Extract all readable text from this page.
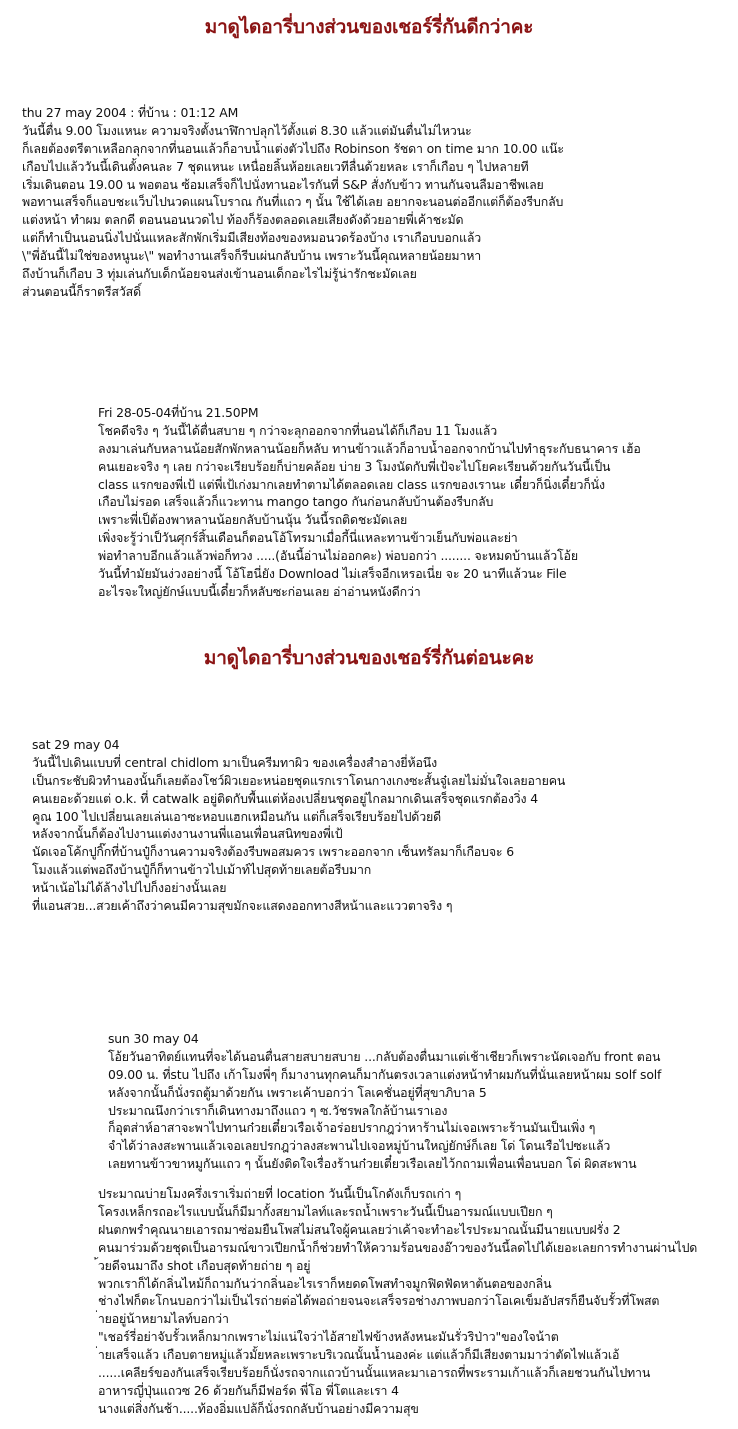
มาดูไดอารี่บางส่วนของเชอร์รี่กันดีกว่าคะ
thu 27 may 2004 : ที่บ้าน : 01:12 AM
วันนี้ตื่น 9.00 โมงแหนะ ความจริงตั้งนาฬิกาปลุกไว้ตั้งแต่ 8.30 แล้วแต่มันตื่นไม่ไหวนะ
ก็เลยต้องตรีตาเหลือกลุกจากที่นอนแล้วก็อาบน้ำแต่งตัวไปถึง Robinson รัชดา on time มาก 10.00 แน๊ะ
เกือบไปแล้ววันนี้เดินตั้งคนละ 7 ชุดแหนะ เหนื่อยลิ้นห้อยเลยเวทีลื่นด้วยหละ เราก็เกือบ ๆ ไปหลายที
เริ่มเดินตอน 19.00 น พอตอน ซ้อมเสร็จก็ไปนั่งทานอะไรกันที่ S&P สั่งกับข้าว ทานกันจนลืมอาชีพเลย
พอทานเสร็จก็แอบชะแว็บไปนวดแผนโบราณ กันที่แถว ๆ นั้น ใช้ได้เลย อยากจะนอนต่ออีกแต่ก็ต้องรีบกลับ
แต่งหน้า ทำผม ตลกดี ตอนนอนนวดไป ท้องก็ร้องตลอดเลยเสียงดังด้วยอายพี่เค้าชะมัด
แต่ก็ทำเป็นนอนนิ่งไปนั่นแหละสักพักเริ่มมีเสียงท้องของหมอนวดร้องบ้าง เราเกือบบอกแล้ว
\"พี่อันนี้ไม่ใช่ของหนูนะ\" พอทำงานเสร็จก็รีบเผ่นกลับบ้าน เพราะวันนี้คุณหลายน้อยมาหา
ถึงบ้านก็เกือบ 3 ทุ่มเล่นกับเด็กน้อยจนส่งเข้านอนเด็กอะไรไม่รู้น่ารักชะมัดเลย
ส่วนตอนนี้ก็ราตรีสวัสดิ์
Fri 28-05-04ที่บ้าน 21.50PM
โชคดีจริง ๆ วันนี้ได้ตื่นสบาย ๆ กว่าจะลุกออกจากที่นอนได้ก็เกือบ 11 โมงแล้ว
ลงมาเล่นกับหลานน้อยสักพักหลานน้อยก็หลับ ทานข้าวแล้วก็อาบน้ำออกจากบ้านไปทำธุระกับธนาคาร เฮ้อ
คนเยอะจริง ๆ เลย กว่าจะเรียบร้อยก็บ่ายคล้อย บ่าย 3 โมงนัดกับพี่เป้จะไปโยคะเรียนด้วยกันวันนี้เป็น
class แรกของพี่เป้ แต่พี่เป้เก่งมากเลยทำตามได้ตลอดเลย class แรกของเรานะ เดี๋ยวก็นิ่งเดี๋ยวก็นั่ง
เกือบไม่รอด เสร็จแล้วก็แวะทาน mango tango กันก่อนกลับบ้านต้องรีบกลับ
เพราะพี่เป็ต้องพาหลานน้อยกลับบ้านนุ้น วันนี้รถติดชะมัดเลย
เพิ่งจะรู้ว่าเป็วันศุกร์สิ้นเดือนก็ตอนโอ้โทรมาเมื่อกี้นี่แหละทานข้าวเย็นกับพ่อและย่า
พ่อทำลาบอีกแล้วแล้วพ่อก็ทวง .....(อันนี้อ่านไม่ออกคะ) พ่อบอกว่า ........ จะหมดบ้านแล้วโอ้ย
วันนี้ทำมัยมันง่วงอย่างนี้ โอ้โฮนี่ยัง Download ไม่เสร็จอีกเหรอเนี่ย จะ 20 นาทีแล้วนะ File
อะไรจะใหญ่ยักษ์แบบนี้เดี๋ยวก็หลับซะก่อนเลย อ่าอ่านหนังดีกว่า
มาดูไดอารี่บางส่วนของเชอร์รี่กันต่อนะคะ
sat 29 may 04
วันนี้ไปเดินแบบที่ central chidlom มาเป็นครีมทาผิว ของเครื่องสำอางยี่ห้อนึง
เป็นกระชับผิวทำนองนั้นก็เลยต้องโชว์ผิวเยอะหน่อยชุดแรกเราโดนกางเกงซะสั้นจู๋เลยไม่มั่นใจเลยอายคน
คนเยอะด้วยแต่ o.k. ที่ catwalk อยู่ติดกับพื้นแต่ห้องเปลี่ยนชุดอยู่ไกลมากเดินเสร็จชุดแรกต้องวิ่ง 4
คูณ 100 ไปเปลี่ยนเลยเล่นเอาซะหอบแฮกเหมือนกัน แต่ก็เสร็จเรียบร้อยไปด้วยดี
หลังจากนั้นก็ต้องไปงานแต่งงานงานพี่แอนเพื่อนสนิทของพี่เป้
นัดเจอโค้กปูกิ๊กที่บ้านปู๋ก็งานความจริงต้องรีบพอสมควร เพราะออกจาก เซ็นทรัลมาก็เกือบจะ 6
โมงแล้วแต่พอถึงบ้านปู๋ก็ก็ทานข้าวไปเม้าท์ไปสุดท้ายเลยต้อรีบมาก
หน้าเน้อไม่ได้ล้างไปไปก็งอย่างนั้นเลย
ที่แอนสวย...สวยเค้าถึงว่าคนมีความสุขมักจะแสดงออกทางสีหน้าและแววตาจริง ๆ
sun 30 may 04
โอ้ยวันอาทิตย์แทนที่จะได้นอนตื่นสายสบายสบาย ...กลับต้องตื่นมาแต่เช้าเชียวก็เพราะนัดเจอกับ front ตอน
09.00 น. ที่stu ไปถึง เก้าโมงพี่ๆ ก็มางานทุกคนก็มากันตรงเวลาแต่งหน้าทำผมกันที่นั่นเลยหน้าผม solf solf
หลังจากนั้นก็นั่งรถตู้มาด้วยกัน เพราะเค้าบอกว่า โลเคชั่นอยู่ที่สุขาภิบาล 5
ประมาณนึงกว่าเราก็เดินทางมาถึงแถว ๆ ซ.วัชรพลใกล้บ้านเราเอง
ก็อุตส่าห์อาสาจะพาไปทานก๋วยเตี๋ยวเรือเจ้าอร่อยปรากฎว่าหาร้านไม่เจอเพราะร้านมันเป็นเพิ่ง ๆ
จำได้ว่าลงสะพานแล้วเจอเลยปรกฎว่าลงสะพานไปเจอหมู่บ้านใหญ่ยักษ์ก็เลย โด่ โดนเรือไปซะแล้ว
เลยทานข้าวขาหมูกันแถว ๆ นั้นยังติดใจเรื่องร้านก๋วยเตี๋ยวเรือเลยไว้กถามเพื่อนเพื่อนบอก โด่ ผิดสะพาน
ประมาณบ่ายโมงครึ่งเราเริ่มถ่ายที่ location วันนี้เป็นโกดังเก็บรถเก่า ๆ
โครงเหล็กรถอะไรแบบนั้นก็มีมากั้งสยามไลท์และรถน้ำเพราะวันนี้เป็นอารมณ์แบบเปียก ๆ
ฝนตกพรำคุณนายเอารถมาซ่อมยืนโพสไม่สนใจผู้คนเลยว่าเค้าจะทำอะไรประมาณนั้นมีนายแบบฝรั่ง 2
คนมาร่วมด้วยชุดเป็นอารมณ์ขาวเปียกน้ำก็ช่วยทำให้ความร้อนของอ๊าวของวันนี้ลดไปได้เยอะเลยการทำงานผ่านไปด
้วยดีจนมาถึง shot เกือบสุดท้ายถ่าย ๆ อยู่
พวกเราก็ได้กลิ่นไหม้ก็ถามกันว่ากลิ่นอะไรเราก็หยดดโพสทำจมูกฟิดฟัดหาต้นตอของกลิ่น
ช่างไฟก็ตะโกนบอกว่าไม่เป็นไรถ่ายต่อได้พอถ่ายจนจะเสร็จรอช่างภาพบอกว่าโอเคเข็มอัปสรก็ยืนจับรั้วที่โพสต
่ายอยู่น้าหยามไลท์บอกว่า
"เชอร์รี่อย่าจับรั้วเหล็กมากเพราะไม่แน่ใจว่าไอ้สายไฟข้างหลังหนะมันรั่วริป่าว"ของใจน้าต
่ายเสร็จแล้ว เกือบตายหมู่แล้วมั้ยหละเพราะบริเวณนั้นน้ำนองค่ะ แต่แล้วก็มีเสียงตามมาว่าตัดไฟแล้วเอ้
......เคลียร์ของกันเสร็จเรียบร้อยก็นั่งรถจากแถวบ้านนั้นแหละมาเอารถที่พระรามเก้าแล้วก็เลยชวนกันไปทาน
อาหารญี่ปุ่นแถวซ 26 ด้วยกันก็มีฟอร์ด พี่โอ พี่โตและเรา 4
นางแต่สิ่งกันช้า.....ท้องอิ่มแปล้ก็นั่งรถกลับบ้านอย่างมีความสุข
